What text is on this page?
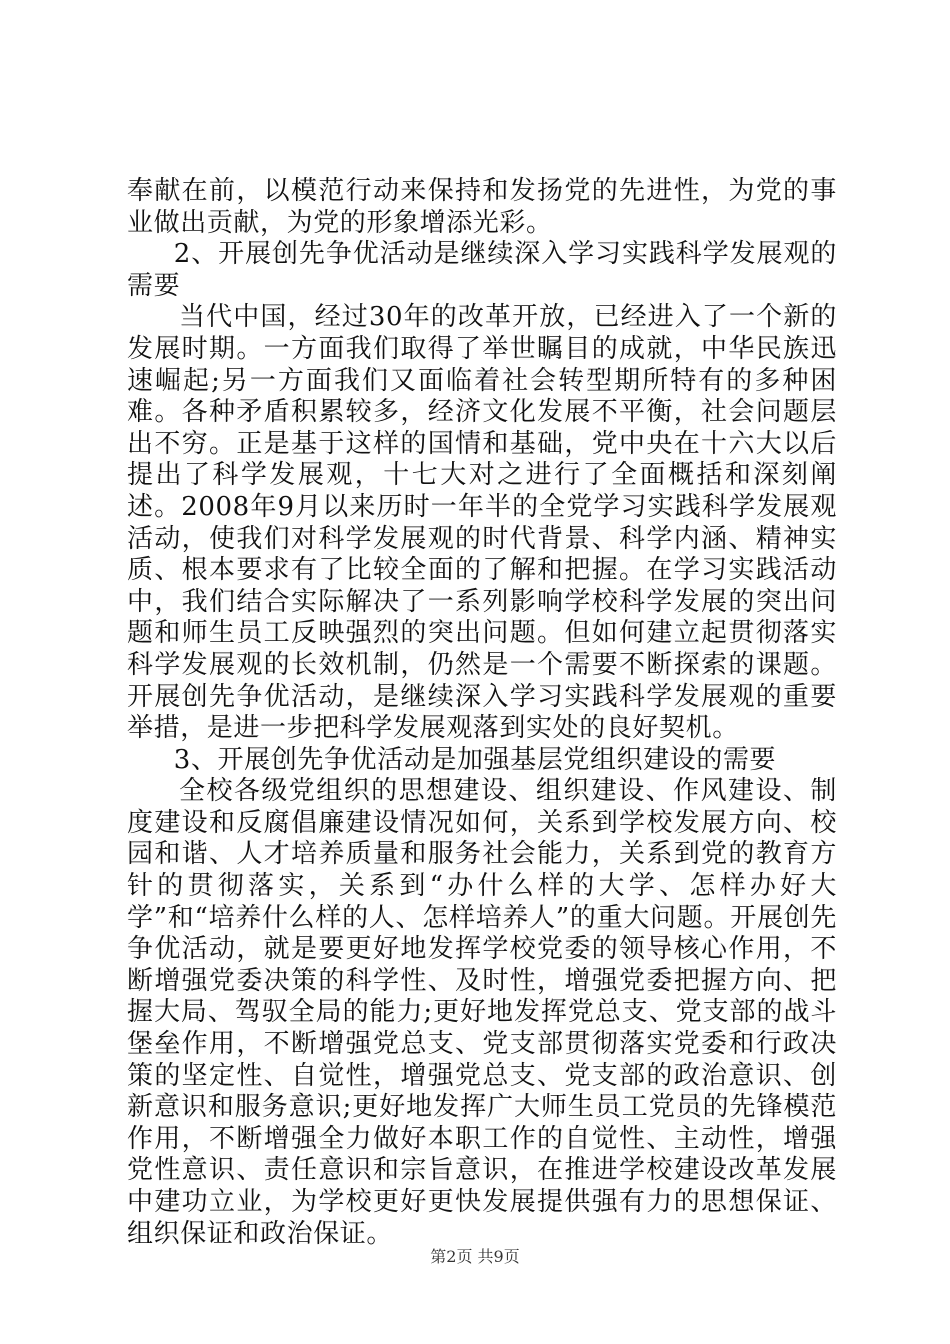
奉献在前，以模范行动来保持和发扬党的先进性，为党的事业做出贡献，为党的形象增添光彩。

2、开展创先争优活动是继续深入学习实践科学发展观的需要

当代中国，经过30年的改革开放，已经进入了一个新的发展时期。一方面我们取得了举世瞩目的成就，中华民族迅速崛起;另一方面我们又面临着社会转型期所特有的多种困难。各种矛盾积累较多，经济文化发展不平衡，社会问题层出不穷。正是基于这样的国情和基础，党中央在十六大以后提出了科学发展观，十七大对之进行了全面概括和深刻阐述。2008年9月以来历时一年半的全党学习实践科学发展观活动，使我们对科学发展观的时代背景、科学内涵、精神实质、根本要求有了比较全面的了解和把握。在学习实践活动中，我们结合实际解决了一系列影响学校科学发展的突出问题和师生员工反映强烈的突出问题。但如何建立起贯彻落实科学发展观的长效机制，仍然是一个需要不断探索的课题。开展创先争优活动，是继续深入学习实践科学发展观的重要举措，是进一步把科学发展观落到实处的良好契机。

3、开展创先争优活动是加强基层党组织建设的需要

全校各级党组织的思想建设、组织建设、作风建设、制度建设和反腐倡廉建设情况如何，关系到学校发展方向、校园和谐、人才培养质量和服务社会能力，关系到党的教育方针的贯彻落实，关系到“办什么样的大学、怎样办好大学”和“培养什么样的人、怎样培养人”的重大问题。开展创先争优活动，就是要更好地发挥学校党委的领导核心作用，不断增强党委决策的科学性、及时性，增强党委把握方向、把握大局、驾驭全局的能力;更好地发挥党总支、党支部的战斗堡垒作用，不断增强党总支、党支部贯彻落实党委和行政决策的坚定性、自觉性，增强党总支、党支部的政治意识、创新意识和服务意识;更好地发挥广大师生员工党员的先锋模范作用，不断增强全力做好本职工作的自觉性、主动性，增强党性意识、责任意识和宗旨意识，在推进学校建设改革发展中建功立业，为学校更好更快发展提供强有力的思想保证、组织保证和政治保证。

第2页 共9页
